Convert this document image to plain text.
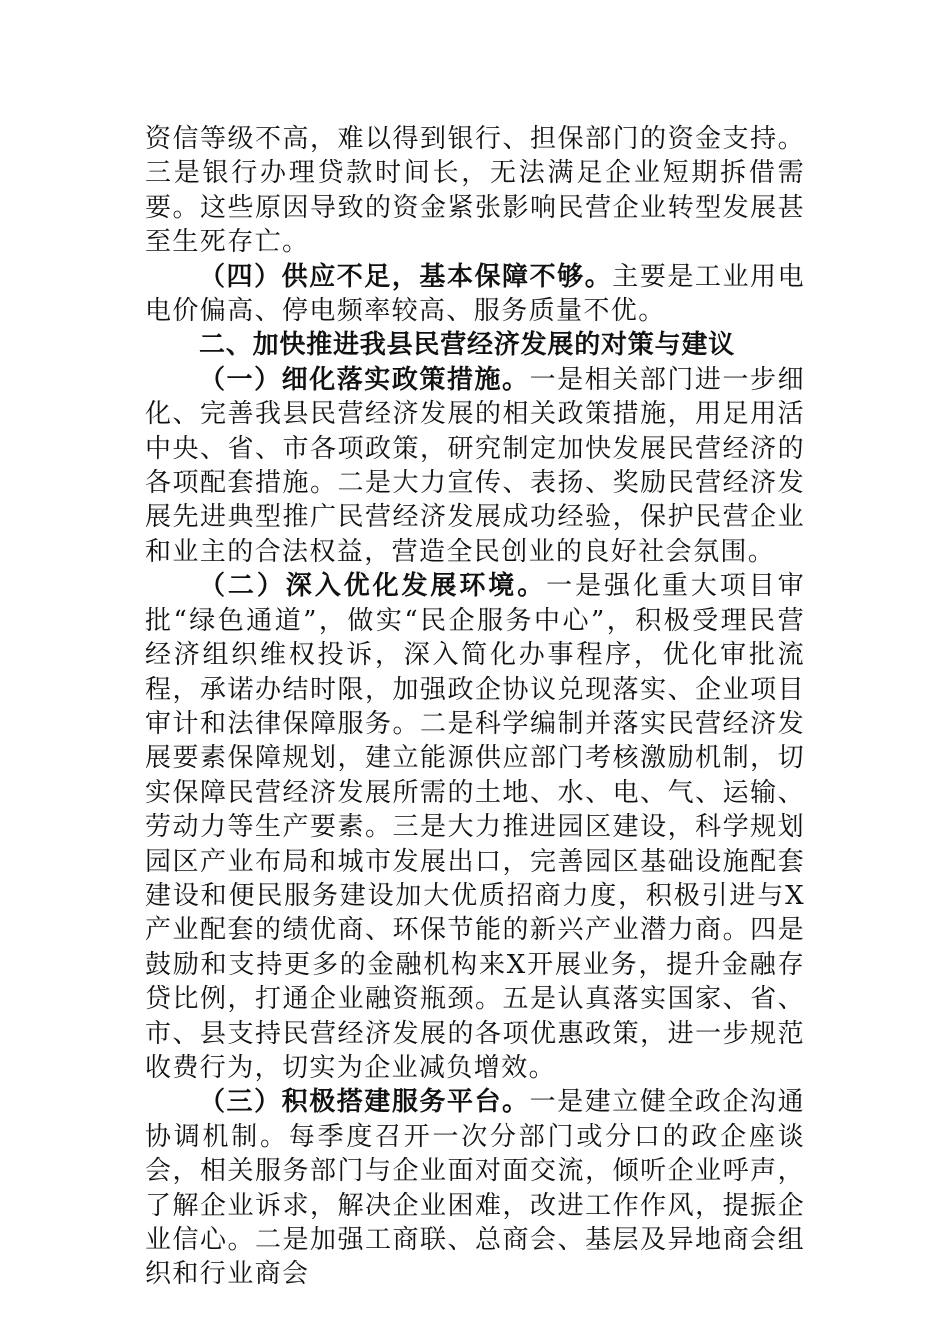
资信等级不高，难以得到银行、担保部门的资金支持。三是银行办理贷款时间长，无法满足企业短期拆借需要。这些原因导致的资金紧张影响民营企业转型发展甚至生死存亡。

（四）供应不足，基本保障不够。主要是工业用电电价偏高、停电频率较高、服务质量不优。

二、加快推进我县民营经济发展的对策与建议

（一）细化落实政策措施。一是相关部门进一步细化、完善我县民营经济发展的相关政策措施，用足用活中央、省、市各项政策，研究制定加快发展民营经济的各项配套措施。二是大力宣传、表扬、奖励民营经济发展先进典型推广民营经济发展成功经验，保护民营企业和业主的合法权益，营造全民创业的良好社会氛围。

（二）深入优化发展环境。一是强化重大项目审批“绿色通道”，做实“民企服务中心”，积极受理民营经济组织维权投诉，深入简化办事程序，优化审批流程，承诺办结时限，加强政企协议兑现落实、企业项目审计和法律保障服务。二是科学编制并落实民营经济发展要素保障规划，建立能源供应部门考核激励机制，切实保障民营经济发展所需的土地、水、电、气、运输、劳动力等生产要素。三是大力推进园区建设，科学规划园区产业布局和城市发展出口，完善园区基础设施配套建设和便民服务建设加大优质招商力度，积极引进与X产业配套的绩优商、环保节能的新兴产业潜力商。四是鼓励和支持更多的金融机构来X开展业务，提升金融存贷比例，打通企业融资瓶颈。五是认真落实国家、省、市、县支持民营经济发展的各项优惠政策，进一步规范收费行为，切实为企业减负增效。

（三）积极搭建服务平台。一是建立健全政企沟通协调机制。每季度召开一次分部门或分口的政企座谈会，相关服务部门与企业面对面交流，倾听企业呼声，了解企业诉求，解决企业困难，改进工作作风，提振企业信心。二是加强工商联、总商会、基层及异地商会组织和行业商会
